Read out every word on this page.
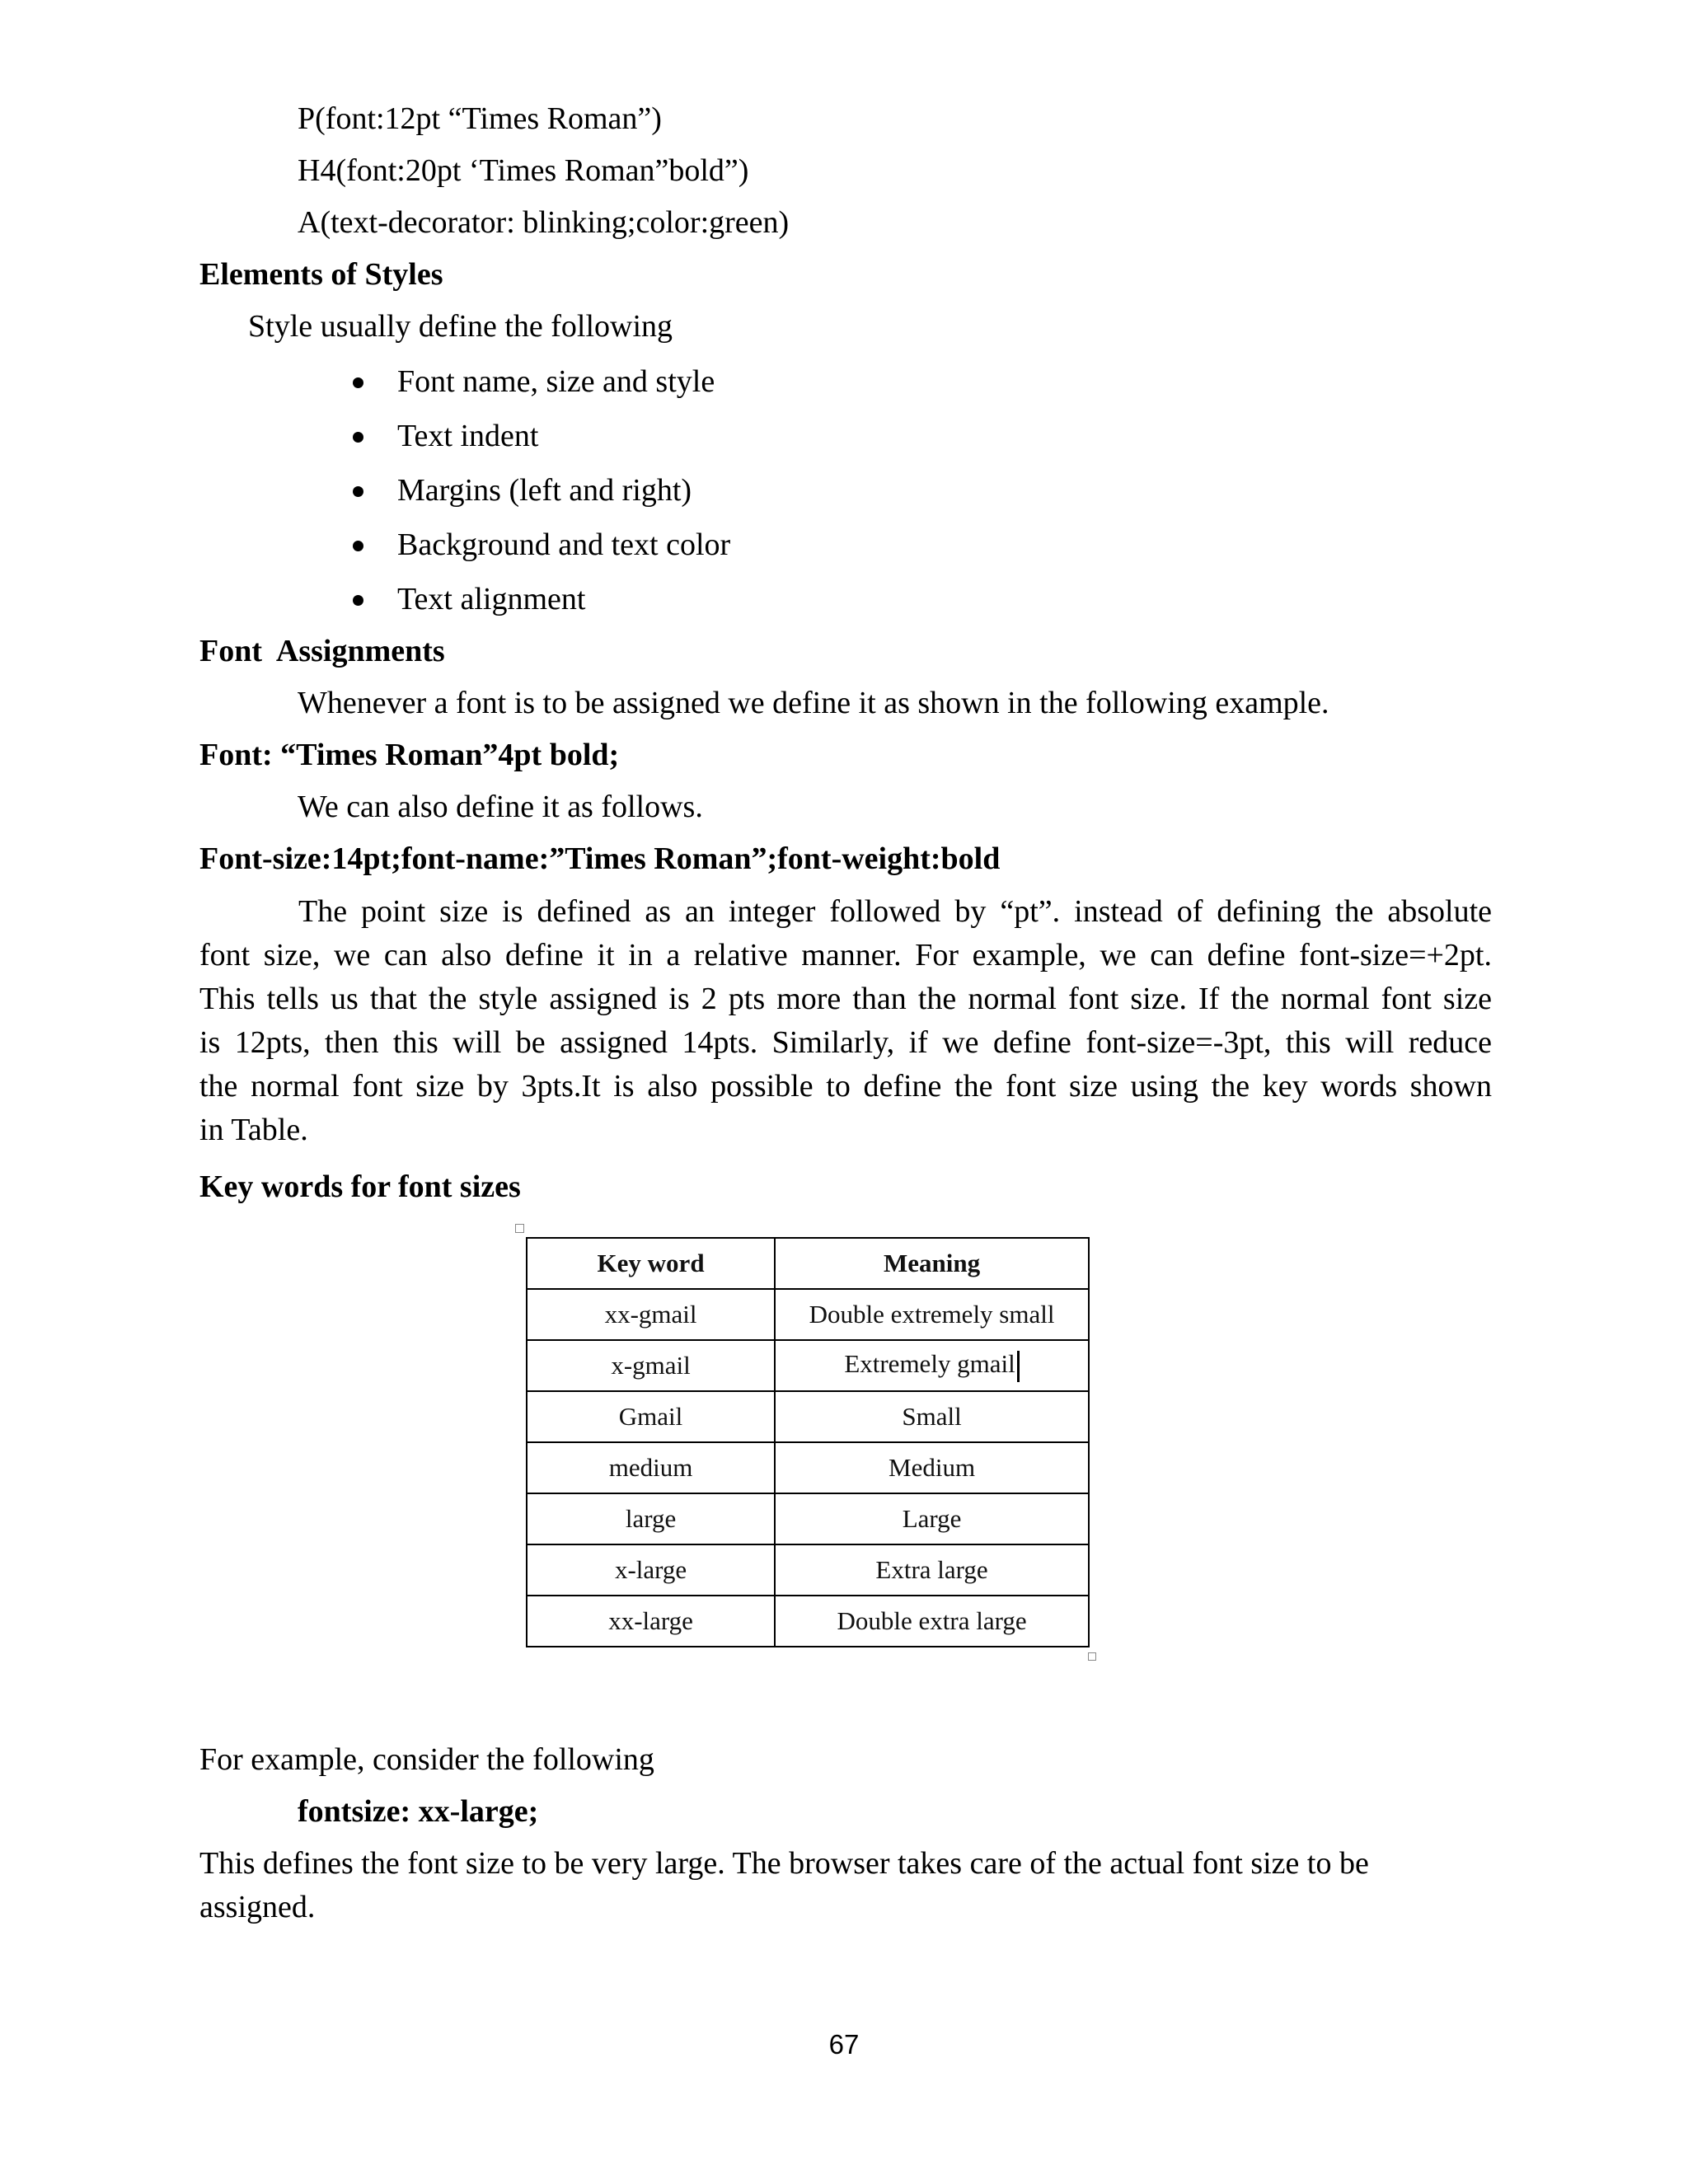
P(font:12pt “Times Roman”)
H4(font:20pt ‘Times Roman”bold”)
A(text-decorator: blinking;color:green)
Elements of Styles
Style usually define the following
Font name, size and style
Text indent
Margins (left and right)
Background and text color
Text alignment
Font  Assignments
Whenever a font is to be assigned we define it as shown in the following example.
Font: “Times Roman”4pt bold;
We can also define it as follows.
Font-size:14pt;font-name:”Times Roman”;font-weight:bold
The point size is defined as an integer followed by “pt”. instead of defining the absolute
font size, we can also define it in a relative manner. For example, we can define font-size=+2pt.
This tells us that the style assigned is 2 pts more than the normal font size. If the normal font size
is 12pts, then this will be assigned 14pts. Similarly, if we define font-size=-3pt, this will reduce
the normal font size by 3pts.It is also possible to define the font size using the key words shown
in Table.
Key words for font sizes
Key word	Meaning
xx-gmail	Double extremely small
x-gmail	Extremely gmail
Gmail	Small
medium	Medium
large	Large
x-large	Extra large
xx-large	Double extra large
For example, consider the following
fontsize: xx-large;
This defines the font size to be very large. The browser takes care of the actual font size to be
assigned.
67
